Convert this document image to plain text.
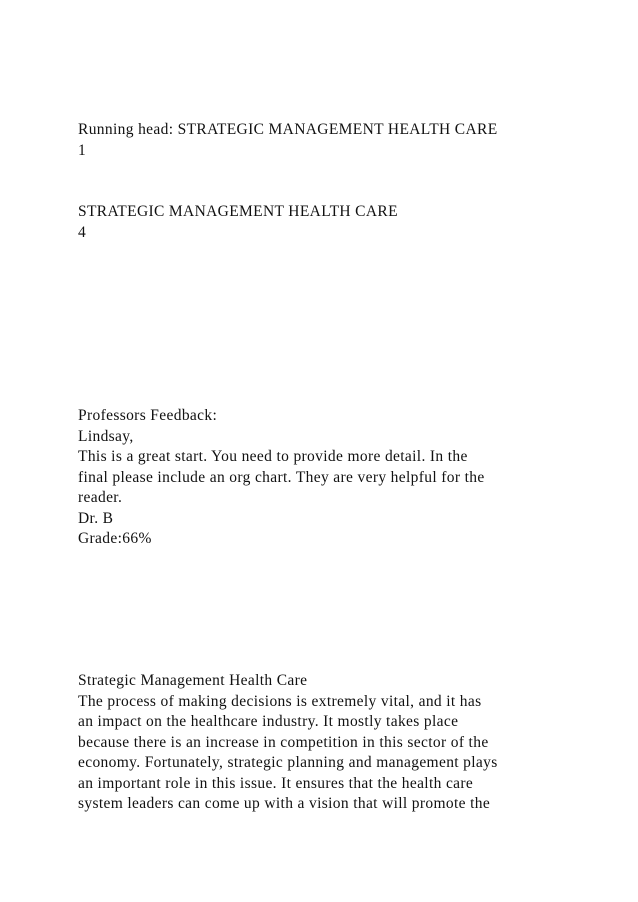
Running head: STRATEGIC MANAGEMENT HEALTH CARE
1
STRATEGIC MANAGEMENT HEALTH CARE
4
Professors Feedback:
Lindsay,
This is a great start. You need to provide more detail. In the
final please include an org chart. They are very helpful for the
reader.
Dr. B
Grade:66%
Strategic Management Health Care
The process of making decisions is extremely vital, and it has
an impact on the healthcare industry. It mostly takes place
because there is an increase in competition in this sector of the
economy. Fortunately, strategic planning and management plays
an important role in this issue. It ensures that the health care
system leaders can come up with a vision that will promote the
